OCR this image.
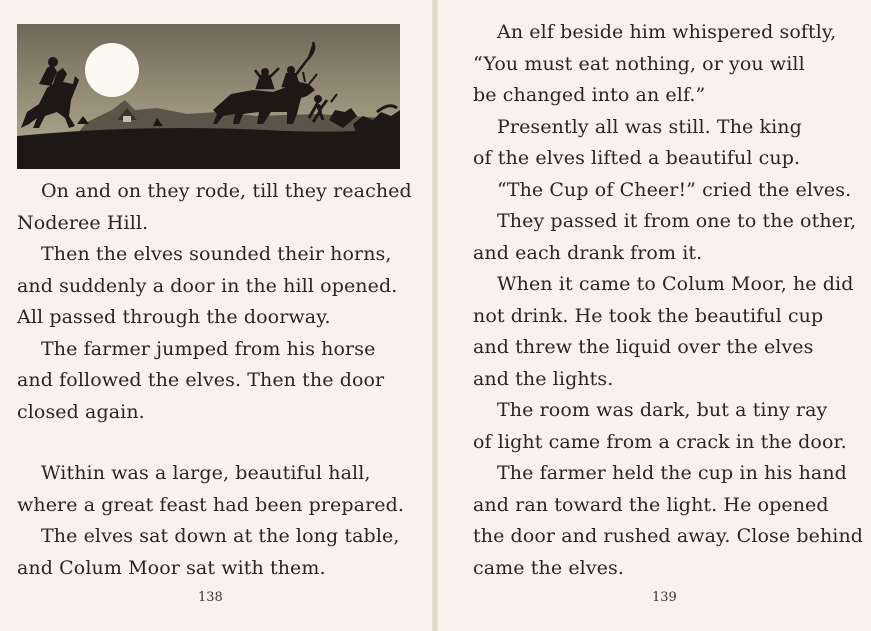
On and on they rode, till they reached
Noderee Hill.
Then the elves sounded their horns,
and suddenly a door in the hill opened.
All passed through the doorway.
The farmer jumped from his horse
and followed the elves. Then the door
closed again.
Within was a large, beautiful hall,
where a great feast had been prepared.
The elves sat down at the long table,
and Colum Moor sat with them.
138	139
An elf beside him whispered softly,
“You must eat nothing, or you will
be changed into an elf.”
Presently all was still. The king
of the elves lifted a beautiful cup.
“The Cup of Cheer!” cried the elves.
They passed it from one to the other,
and each drank from it.
When it came to Colum Moor, he did
not drink. He took the beautiful cup
and threw the liquid over the elves
and the lights.
The room was dark, but a tiny ray
of light came from a crack in the door.
The farmer held the cup in his hand
and ran toward the light. He opened
the door and rushed away. Close behind
came the elves.
